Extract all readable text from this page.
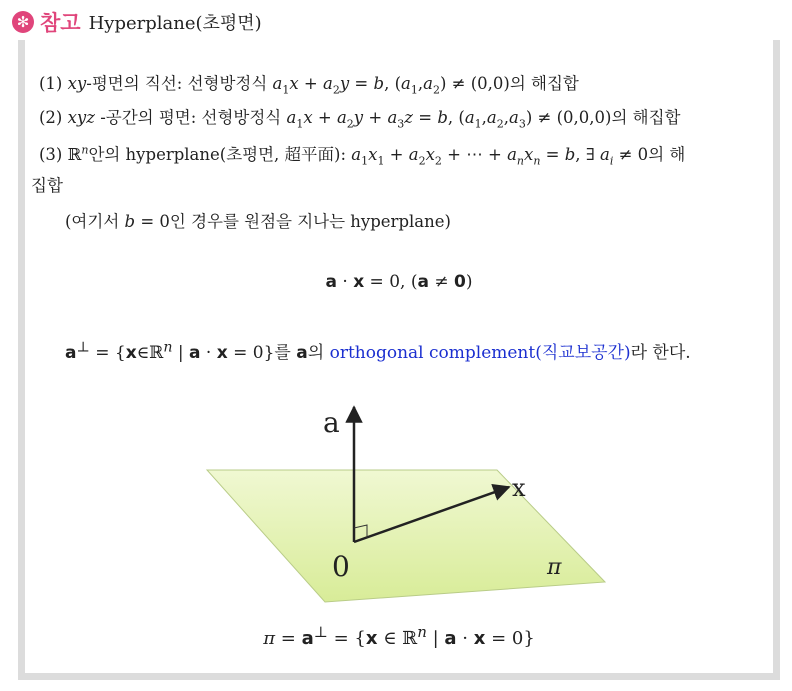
✻ 참고 Hyperplane(초평면)
(1) xy-평면의 직선: 선형방정식 $a_1x + a_2y = b$, $(a_1,a_2) \ne (0,0)$의 해집합
(2) xyz -공간의 평면: 선형방정식 $a_1x + a_2y + a_3z = b$, $(a_1,a_2,a_3) \ne (0,0,0)$의 해집합
(3) ℝ$^n$안의 hyperplane(초평면, 超平面): $a_1x_1 + a_2x_2$ + ⋯ + $a_nx_n = b$, ∃ $a_i \ne 0$의 해
집합
(여기서 b = 0인 경우를 원점을 지나는 hyperplane)
a · x = 0, (a ≠ 0)
a⊥ = {x∈ℝ$^n$ | a · x = 0}를 a의 orthogonal complement(직교보공간)라 한다.
a
x
0	π
π = a⊥ = {x ∈ ℝ$^n$ | a · x = 0}
